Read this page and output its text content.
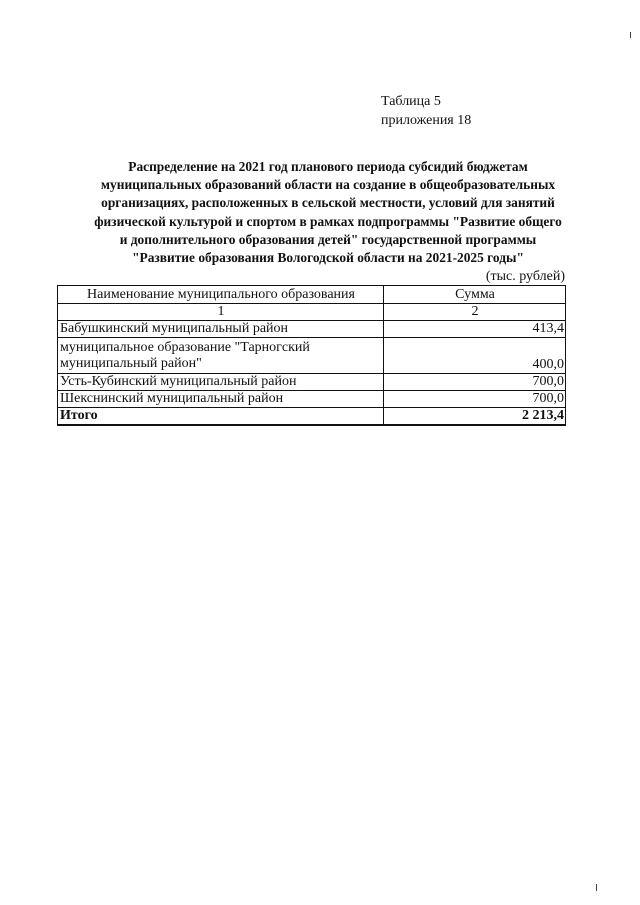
Таблица 5
приложения 18
Распределение на 2021 год планового периода субсидий бюджетам
муниципальных образований области на создание в общеобразовательных
организациях, расположенных в сельской местности, условий для занятий
физической культурой и спортом в рамках подпрограммы "Развитие общего
и дополнительного образования детей" государственной программы
"Развитие образования Вологодской области на 2021-2025 годы"
(тыс. рублей)
Наименование муниципального образования	Сумма
1	2
Бабушкинский муниципальный район	413,4
муниципальное образование "Тарногский
муниципальный район"	400,0
Усть-Кубинский муниципальный район	700,0
Шекснинский муниципальный район	700,0
Итого	2 213,4
